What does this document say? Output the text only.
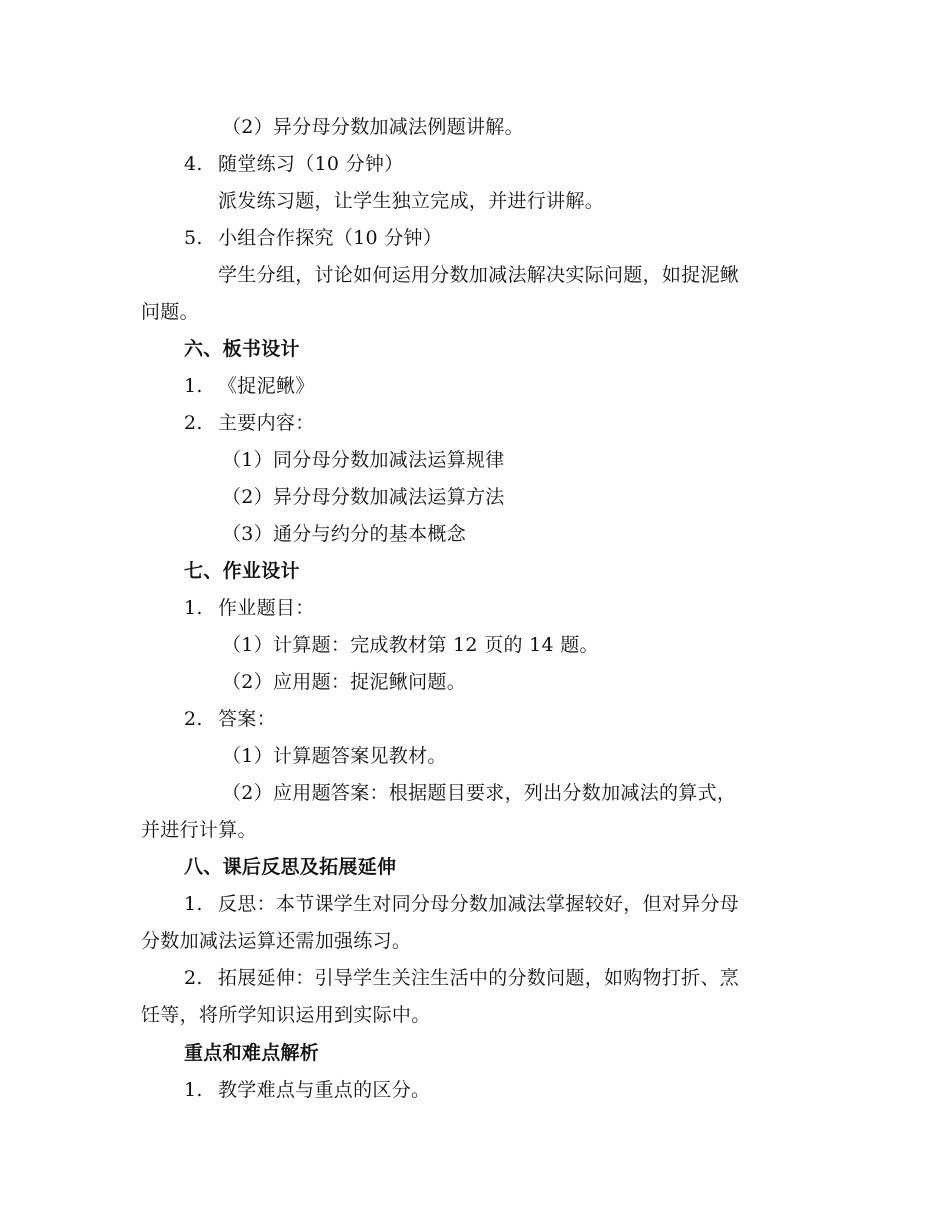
（2）异分母分数加减法例题讲解。
4. 随堂练习（10 分钟）
派发练习题，让学生独立完成，并进行讲解。
5. 小组合作探究（10 分钟）
学生分组，讨论如何运用分数加减法解决实际问题，如捉泥鳅
问题。
六、板书设计
1. 《捉泥鳅》
2. 主要内容：
（1）同分母分数加减法运算规律
（2）异分母分数加减法运算方法
（3）通分与约分的基本概念
七、作业设计
1. 作业题目：
（1）计算题：完成教材第 12 页的 14 题。
（2）应用题：捉泥鳅问题。
2. 答案：
（1）计算题答案见教材。
（2）应用题答案：根据题目要求，列出分数加减法的算式，
并进行计算。
八、课后反思及拓展延伸
1. 反思：本节课学生对同分母分数加减法掌握较好，但对异分母
分数加减法运算还需加强练习。
2. 拓展延伸：引导学生关注生活中的分数问题，如购物打折、烹
饪等，将所学知识运用到实际中。
重点和难点解析
1. 教学难点与重点的区分。
